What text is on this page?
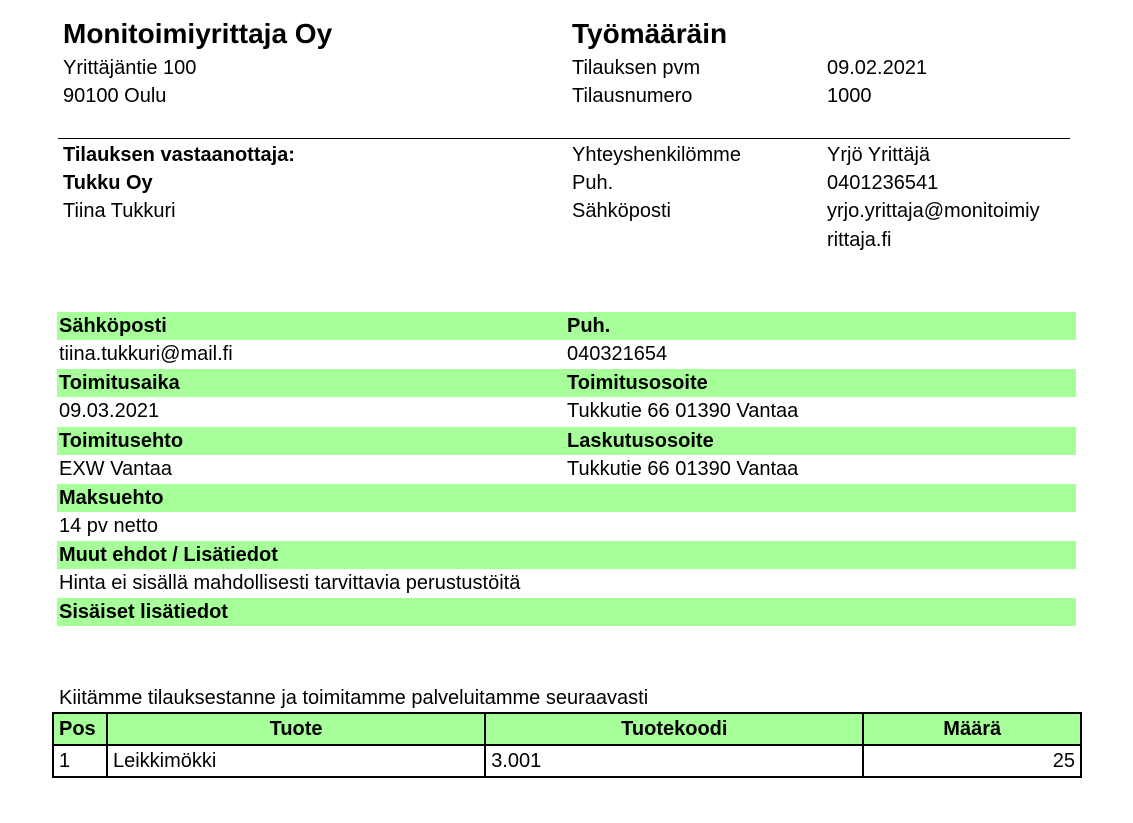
Monitoimiyrittaja Oy
Yrittäjäntie 100
90100 Oulu
Työmääräin
Tilauksen pvm	09.02.2021
Tilausnumero	1000
Tilauksen vastaanottaja:
Tukku Oy
Tiina Tukkuri
Yhteyshenkilömme	Yrjö Yrittäjä
Puh.	0401236541
Sähköposti	yrjo.yrittaja@monitoimiy
rittaja.fi
Sähköposti	Puh.
tiina.tukkuri@mail.fi	040321654
Toimitusaika	Toimitusosoite
09.03.2021	Tukkutie 66 01390 Vantaa
Toimitusehto	Laskutusosoite
EXW Vantaa	Tukkutie 66 01390 Vantaa
Maksuehto
14 pv netto
Muut ehdot / Lisätiedot
Hinta ei sisällä mahdollisesti tarvittavia perustustöitä
Sisäiset lisätiedot
Kiitämme tilauksestanne ja toimitamme palveluitamme seuraavasti
Pos	Tuote	Tuotekoodi	Määrä
1	Leikkimökki	3.001	25
